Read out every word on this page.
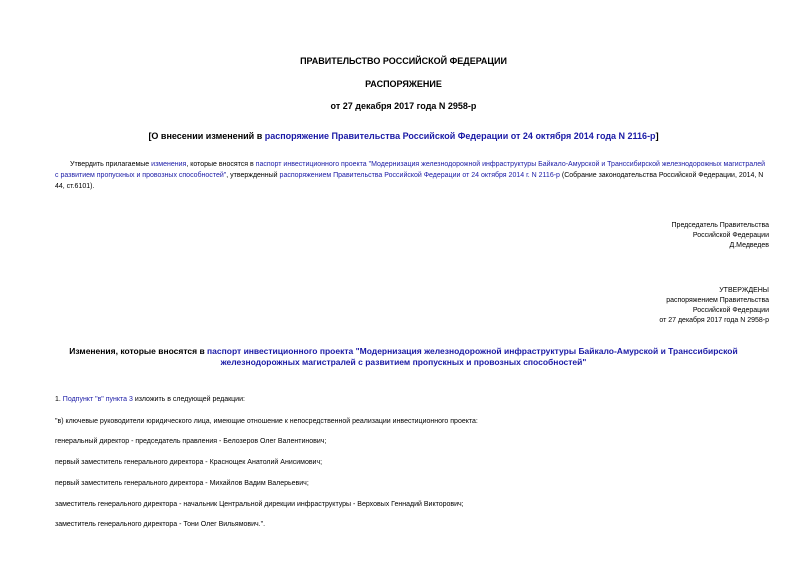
ПРАВИТЕЛЬСТВО РОССИЙСКОЙ ФЕДЕРАЦИИ
РАСПОРЯЖЕНИЕ
от 27 декабря 2017 года N 2958-р
[О внесении изменений в распоряжение Правительства Российской Федерации от 24 октября 2014 года N 2116-р]
Утвердить прилагаемые изменения, которые вносятся в паспорт инвестиционного проекта "Модернизация железнодорожной инфраструктуры Байкало-Амурской и Транссибирской железнодорожных магистралей с развитием пропускных и провозных способностей", утвержденный распоряжением Правительства Российской Федерации от 24 октября 2014 г. N 2116-р (Собрание законодательства Российской Федерации, 2014, N 44, ст.6101).
Председатель Правительства
Российской Федерации
Д.Медведев
УТВЕРЖДЕНЫ
распоряжением Правительства
Российской Федерации
от 27 декабря 2017 года N 2958-р
Изменения, которые вносятся в паспорт инвестиционного проекта "Модернизация железнодорожной инфраструктуры Байкало-Амурской и Транссибирской железнодорожных магистралей с развитием пропускных и провозных способностей"
1. Подпункт "в" пункта 3 изложить в следующей редакции:
"в) ключевые руководители юридического лица, имеющие отношение к непосредственной реализации инвестиционного проекта:
генеральный директор - председатель правления - Белозеров Олег Валентинович;
первый заместитель генерального директора - Краснощек Анатолий Анисимович;
первый заместитель генерального директора - Михайлов Вадим Валерьевич;
заместитель генерального директора - начальник Центральной дирекции инфраструктуры - Верховых Геннадий Викторович;
заместитель генерального директора - Тони Олег Вильямович.".
